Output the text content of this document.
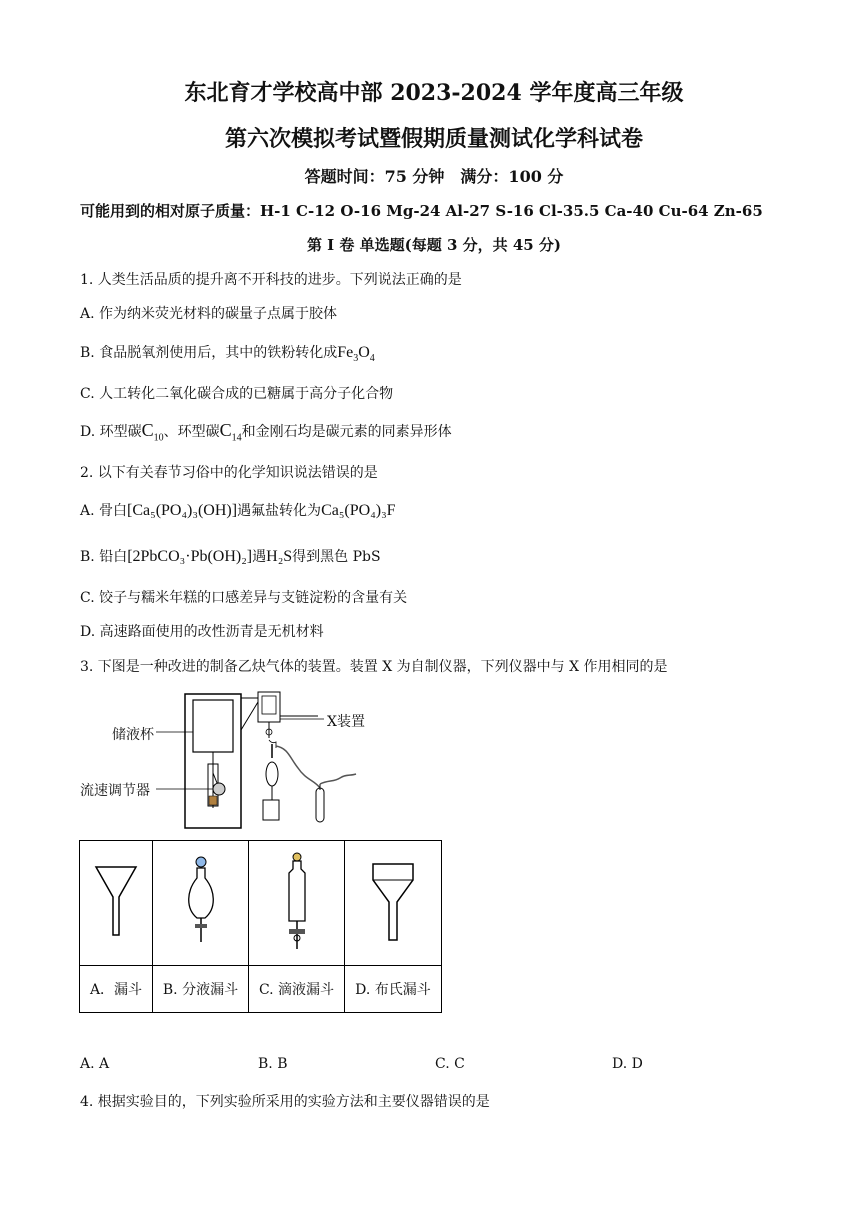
东北育才学校高中部 2023-2024 学年度高三年级
第六次模拟考试暨假期质量测试化学科试卷
答题时间：75 分钟　满分：100 分
可能用到的相对原子质量：H-1 C-12 O-16 Mg-24 Al-27 S-16 Cl-35.5 Ca-40 Cu-64 Zn-65
第 I 卷 单选题(每题 3 分，共 45 分)
1. 人类生活品质的提升离不开科技的进步。下列说法正确的是
A. 作为纳米荧光材料的碳量子点属于胶体
B. 食品脱氧剂使用后，其中的铁粉转化成$Fe_3O_4$
C. 人工转化二氧化碳合成的已糖属于高分子化合物
D. 环型碳$C_{10}$、环型碳$C_{14}$和金刚石均是碳元素的同素异形体
2. 以下有关春节习俗中的化学知识说法错误的是
A. 骨白[Ca₅(PO₄)₃(OH)]遇氟盐转化为Ca₅(PO₄)₃F
B. 铅白[2PbCO₃·Pb(OH)₂]遇H₂S得到黑色 PbS
C. 饺子与糯米年糕的口感差异与支链淀粉的含量有关
D. 高速路面使用的改性沥青是无机材料
3. 下图是一种改进的制备乙炔气体的装置。装置 X 为自制仪器，下列仪器中与 X 作用相同的是
储液杯
流速调节器
X装置

A．漏斗	B. 分液漏斗	C. 滴液漏斗	D. 布氏漏斗
A. A	B. B	C. C	D. D
4. 根据实验目的，下列实验所采用的实验方法和主要仪器错误的是
